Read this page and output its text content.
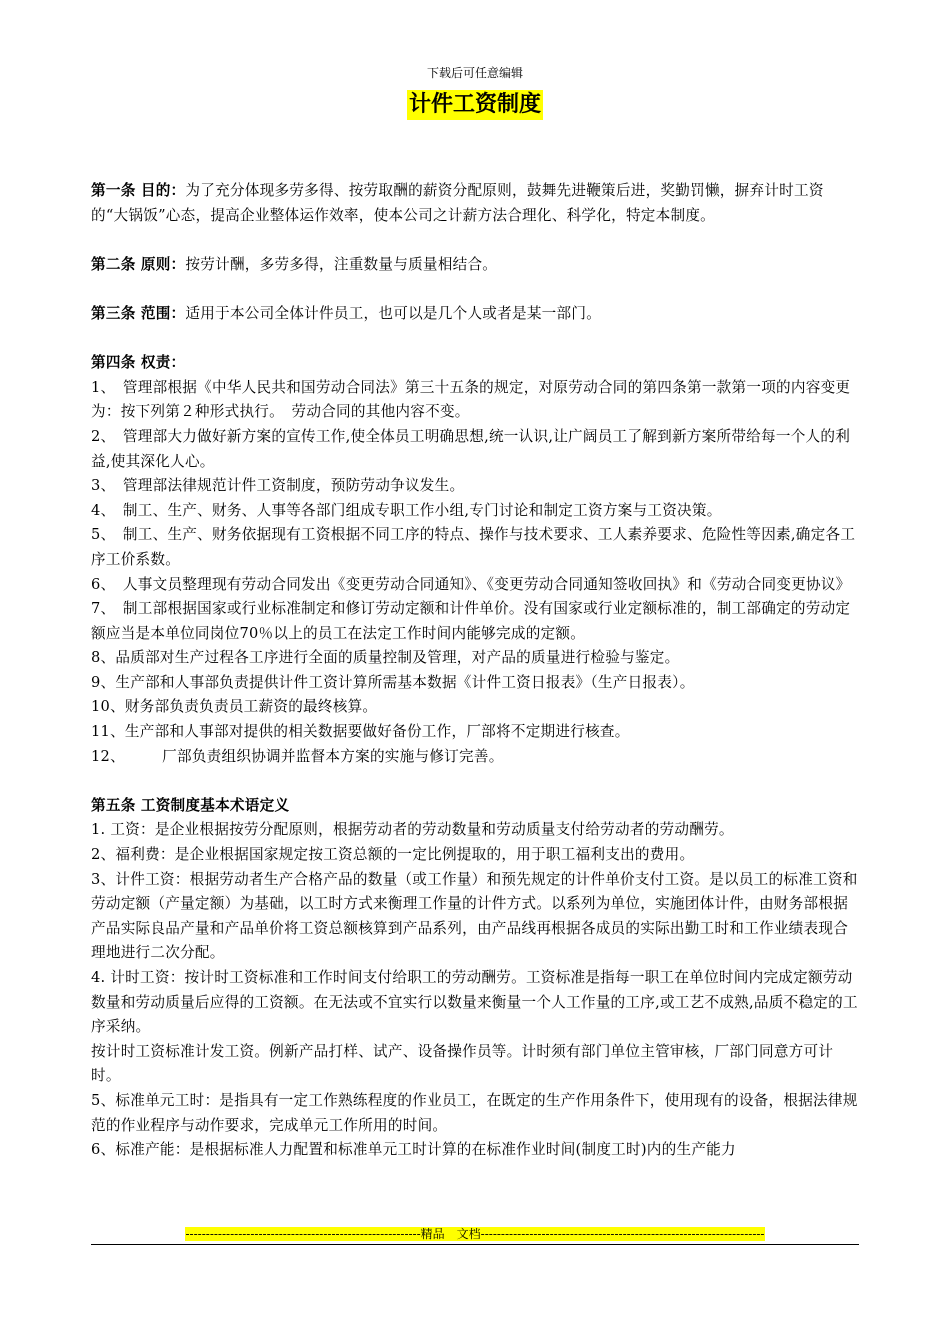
下载后可任意编辑
计件工资制度

第一条 目的：为了充分体现多劳多得、按劳取酬的薪资分配原则，鼓舞先进鞭策后进，奖勤罚懒，摒弃计时工资的“大锅饭”心态，提高企业整体运作效率，使本公司之计薪方法合理化、科学化，特定本制度。

第二条 原则：按劳计酬，多劳多得，注重数量与质量相结合。

第三条 范围：适用于本公司全体计件员工，也可以是几个人或者是某一部门。

第四条 权责：

1、　管理部根据《中华人民共和国劳动合同法》第三十五条的规定，对原劳动合同的第四条第一款第一项的内容变更为：按下列第２种形式执行。　劳动合同的其他内容不变。

2、　管理部大力做好新方案的宣传工作,使全体员工明确思想,统一认识,让广阔员工了解到新方案所带给每一个人的利益,使其深化人心。

3、　管理部法律规范计件工资制度，预防劳动争议发生。

4、　制工、生产、财务、人事等各部门组成专职工作小组,专门讨论和制定工资方案与工资决策。

5、　制工、生产、财务依据现有工资根据不同工序的特点、操作与技术要求、工人素养要求、危险性等因素,确定各工序工价系数。

6、　人事文员整理现有劳动合同发出《变更劳动合同通知》、《变更劳动合同通知签收回执》和《劳动合同变更协议》

7、　制工部根据国家或行业标准制定和修订劳动定额和计件单价。没有国家或行业定额标准的，制工部确定的劳动定额应当是本单位同岗位70％以上的员工在法定工作时间内能够完成的定额。

8、品质部对生产过程各工序进行全面的质量控制及管理，对产品的质量进行检验与鉴定。

9、生产部和人事部负责提供计件工资计算所需基本数据《计件工资日报表》（生产日报表）。

10、财务部负责负责员工薪资的最终核算。

11、生产部和人事部对提供的相关数据要做好备份工作，厂部将不定期进行核查。

12、　　　厂部负责组织协调并监督本方案的实施与修订完善。

第五条 工资制度基本术语定义

1. 工资：是企业根据按劳分配原则，根据劳动者的劳动数量和劳动质量支付给劳动者的劳动酬劳。

2、福利费：是企业根据国家规定按工资总额的一定比例提取的，用于职工福利支出的费用。

3、计件工资：根据劳动者生产合格产品的数量（或工作量）和预先规定的计件单价支付工资。是以员工的标准工资和劳动定额（产量定额）为基础，以工时方式来衡理工作量的计件方式。以系列为单位，实施团体计件，由财务部根据产品实际良品产量和产品单价将工资总额核算到产品系列，由产品线再根据各成员的实际出勤工时和工作业绩表现合理地进行二次分配。

4. 计时工资：按计时工资标准和工作时间支付给职工的劳动酬劳。工资标准是指每一职工在单位时间内完成定额劳动数量和劳动质量后应得的工资额。在无法或不宜实行以数量来衡量一个人工作量的工序,或工艺不成熟,品质不稳定的工序采纳。

按计时工资标准计发工资。例新产品打样、试产、设备操作员等。计时须有部门单位主管审核，厂部门同意方可计时。

5、标准单元工时：是指具有一定工作熟练程度的作业员工，在既定的生产作用条件下，使用现有的设备，根据法律规范的作业程序与动作要求，完成单元工作所用的时间。

6、标准产能：是根据标准人力配置和标准单元工时计算的在标准作业时间(制度工时)内的生产能力

----------------------------------------------------------精品　文档----------------------------------------------------------------------
